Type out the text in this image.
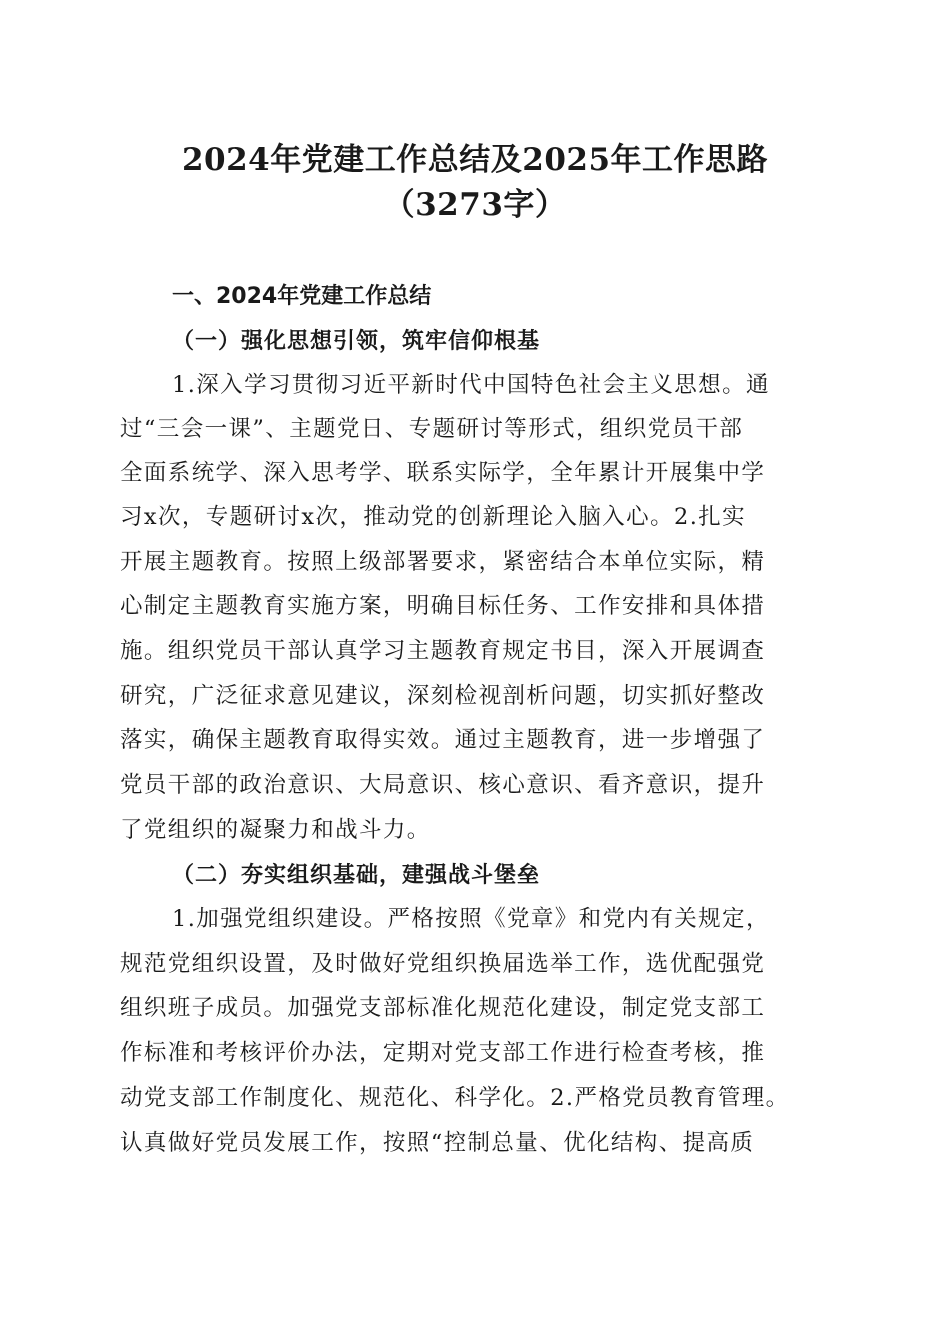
2024年党建工作总结及2025年工作思路
（3273字）
一、2024年党建工作总结
（一）强化思想引领，筑牢信仰根基
1.深入学习贯彻习近平新时代中国特色社会主义思想。通
过“三会一课”、主题党日、专题研讨等形式，组织党员干部
全面系统学、深入思考学、联系实际学，全年累计开展集中学
习x次，专题研讨x次，推动党的创新理论入脑入心。2.扎实
开展主题教育。按照上级部署要求，紧密结合本单位实际，精
心制定主题教育实施方案，明确目标任务、工作安排和具体措
施。组织党员干部认真学习主题教育规定书目，深入开展调查
研究，广泛征求意见建议，深刻检视剖析问题，切实抓好整改
落实，确保主题教育取得实效。通过主题教育，进一步增强了
党员干部的政治意识、大局意识、核心意识、看齐意识，提升
了党组织的凝聚力和战斗力。
（二）夯实组织基础，建强战斗堡垒
1.加强党组织建设。严格按照《党章》和党内有关规定，
规范党组织设置，及时做好党组织换届选举工作，选优配强党
组织班子成员。加强党支部标准化规范化建设，制定党支部工
作标准和考核评价办法，定期对党支部工作进行检查考核，推
动党支部工作制度化、规范化、科学化。2.严格党员教育管理。
认真做好党员发展工作，按照“控制总量、优化结构、提高质
